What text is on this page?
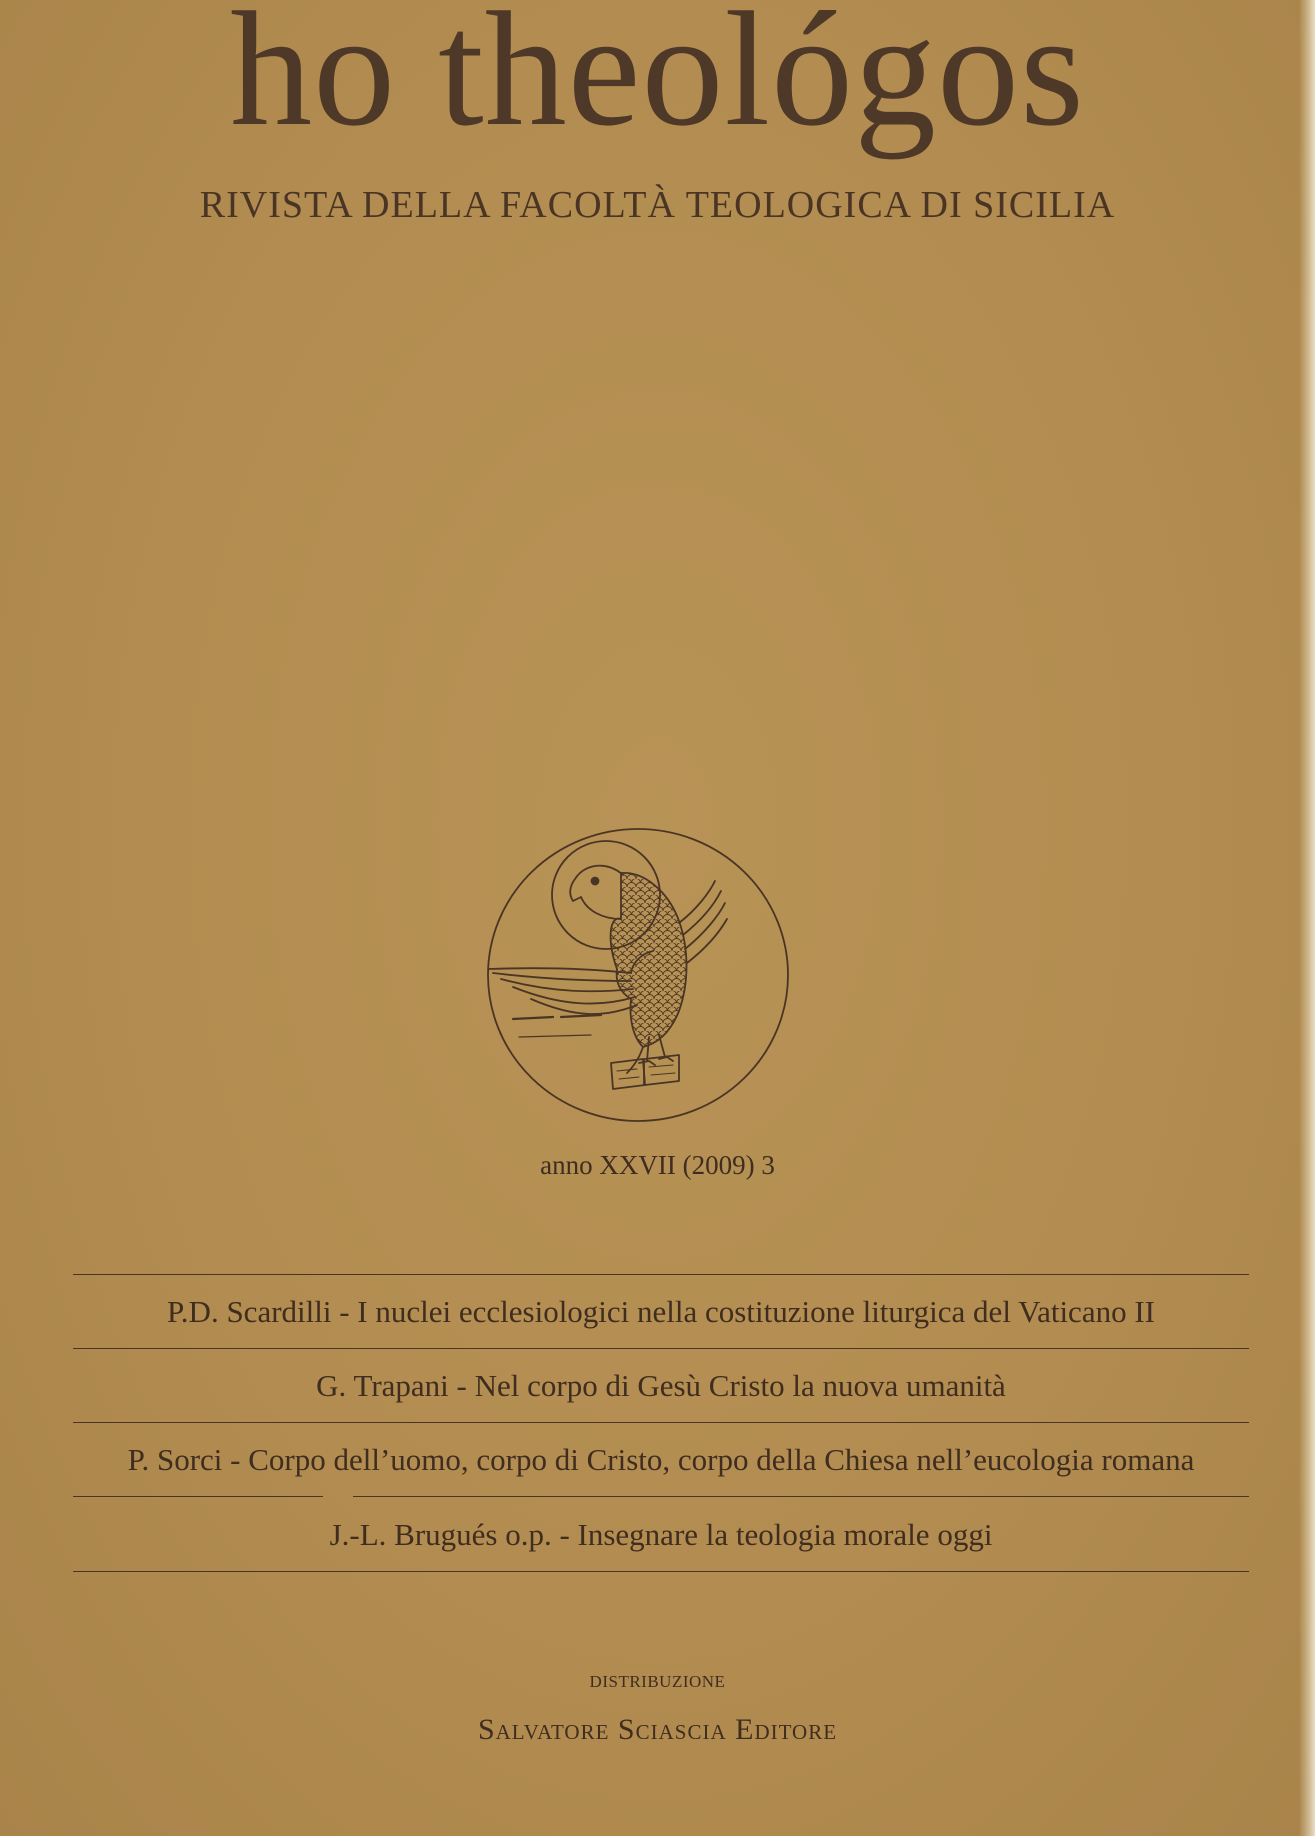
ho theológos
RIVISTA DELLA FACOLTÀ TEOLOGICA DI SICILIA
anno XXVII (2009) 3
P.D. Scardilli - I nuclei ecclesiologici nella costituzione liturgica del Vaticano II
G. Trapani - Nel corpo di Gesù Cristo la nuova umanità
P. Sorci - Corpo dell’uomo, corpo di Cristo, corpo della Chiesa nell’eucologia romana
J.-L. Brugués o.p. - Insegnare la teologia morale oggi
DISTRIBUZIONE
Salvatore Sciascia Editore
